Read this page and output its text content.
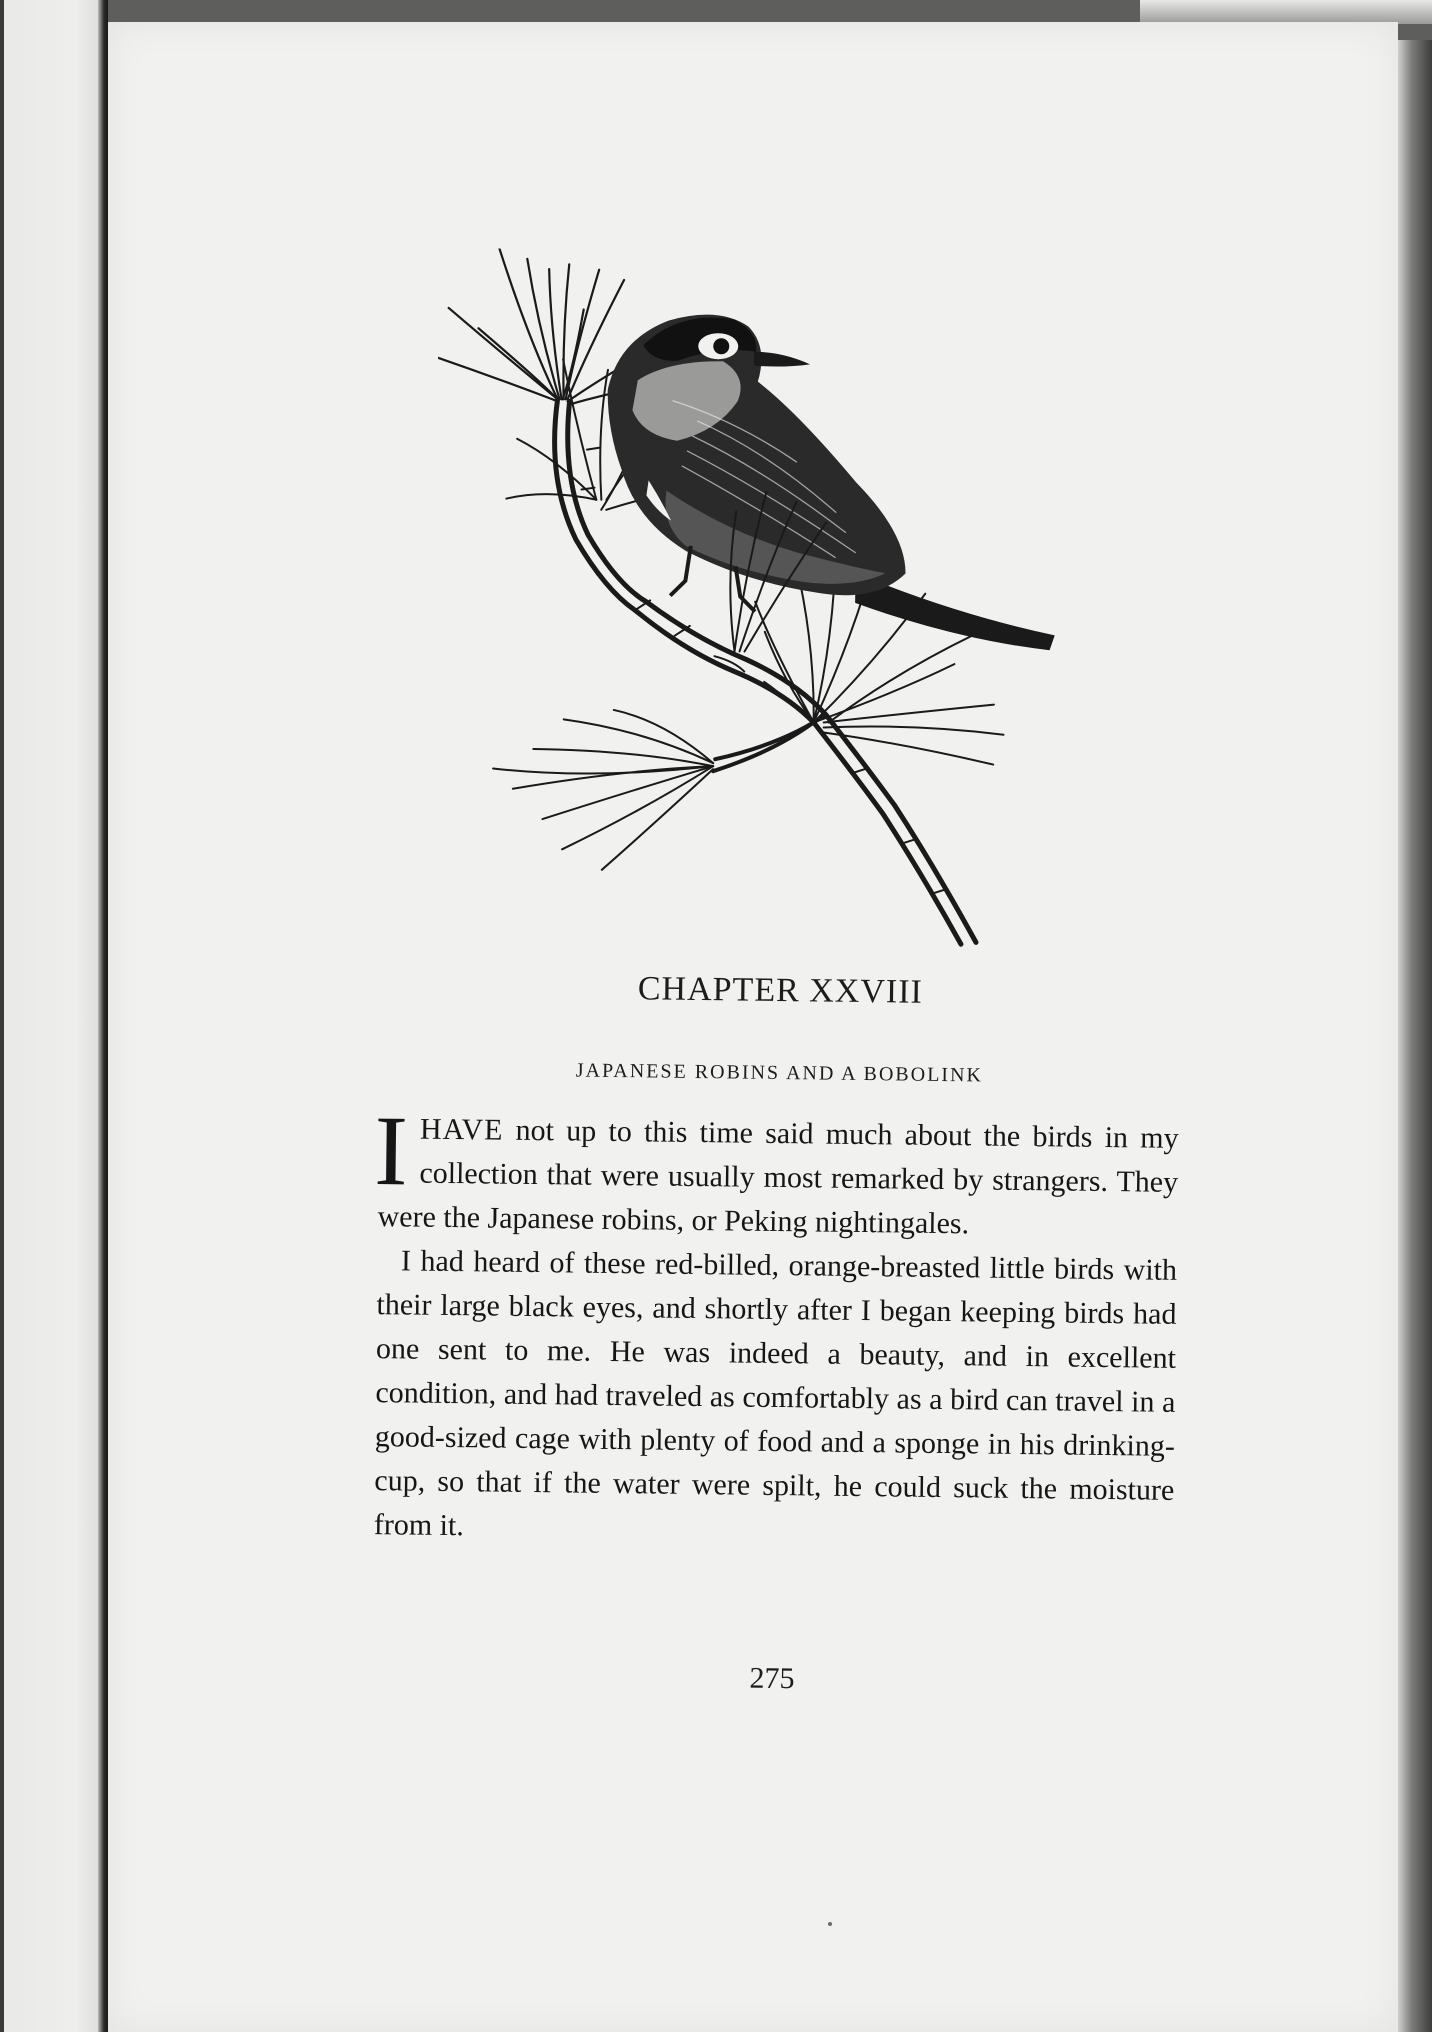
CHAPTER XXVIII
JAPANESE ROBINS AND A BOBOLINK

IHAVE not up to this time said much about the birds in my collection that were usually most remarked by strangers. They were the Japanese robins, or Peking nightingales.

I had heard of these red-billed, orange-breasted little birds with their large black eyes, and shortly after I began keeping birds had one sent to me. He was indeed a beauty, and in excellent condition, and had traveled as comfortably as a bird can travel in a good-sized cage with plenty of food and a sponge in his drinking-cup, so that if the water were spilt, he could suck the moisture from it.

275
